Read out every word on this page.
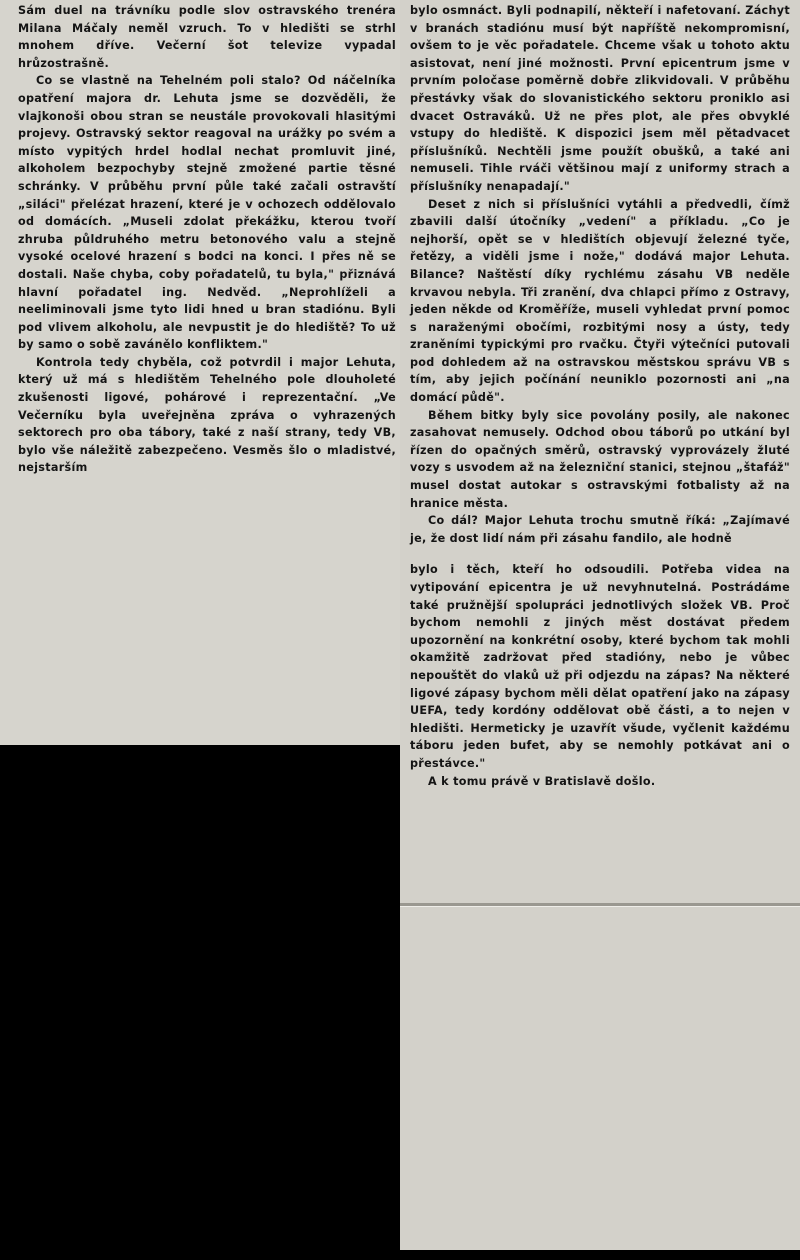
Sám duel na trávníku podle slov ostravského trenéra Milana Máčaly neměl vzruch. To v hledišti se strhl mnohem dříve. Večerní šot televize vypadal hrůzostrašně.

Co se vlastně na Tehelném poli stalo? Od náčelníka opatření majora dr. Lehuta jsme se dozvěděli, že vlajkonoši obou stran se neustále provokovali hlasitými projevy. Ostravský sektor reagoval na urážky po svém a místo vypitých hrdel hodlal nechat promluvit jiné, alkoholem bezpochyby stejně zmožené partie těsné schránky. V průběhu první půle také začali ostravští „siláci" přelézat hrazení, které je v ochozech oddělovalo od domácích. „Museli zdolat překážku, kterou tvoří zhruba půldruhého metru betonového valu a stejně vysoké ocelové hrazení s bodci na konci. I přes ně se dostali. Naše chyba, coby pořadatelů, tu byla," přiznává hlavní pořadatel ing. Nedvěd. „Neprohlíželi a neeliminovali jsme tyto lidi hned u bran stadiónu. Byli pod vlivem alkoholu, ale nevpustit je do hlediště? To už by samo o sobě zavánělo konfliktem."

Kontrola tedy chyběla, což potvrdil i major Lehuta, který už má s hledištěm Tehelného pole dlouholeté zkušenosti ligové, pohárové i reprezentační. „Ve Večerníku byla uveřejněna zpráva o vyhrazených sektorech pro oba tábory, také z naší strany, tedy VB, bylo vše náležitě zabezpečeno. Vesměs šlo o mladistvé, nejstarším

bylo osmnáct. Byli podnapilí, někteří i nafetovaní. Záchyt v branách stadiónu musí být napříště nekompromisní, ovšem to je věc pořadatele. Chceme však u tohoto aktu asistovat, není jiné možnosti. První epicentrum jsme v prvním poločase poměrně dobře zlikvidovali. V průběhu přestávky však do slovanistického sektoru proniklo asi dvacet Ostraváků. Už ne přes plot, ale přes obvyklé vstupy do hlediště. K dispozici jsem měl pětadvacet příslušníků. Nechtěli jsme použít obušků, a také ani nemuseli. Tihle rváči většinou mají z uniformy strach a příslušníky nenapadají."

Deset z nich si příslušníci vytáhli a předvedli, čímž zbavili další útočníky „vedení" a příkladu. „Co je nejhorší, opět se v hledištích objevují železné tyče, řetězy, a viděli jsme i nože," dodává major Lehuta. Bilance? Naštěstí díky rychlému zásahu VB neděle krvavou nebyla. Tři zranění, dva chlapci přímo z Ostravy, jeden někde od Kroměříže, museli vyhledat první pomoc s naraženými obočími, rozbitými nosy a ústy, tedy zraněními typickými pro rvačku. Čtyři výtečníci putovali pod dohledem až na ostravskou městskou správu VB s tím, aby jejich počínání neuniklo pozornosti ani „na domácí půdě".

Během bitky byly sice povolány posily, ale nakonec zasahovat nemusely. Odchod obou táborů po utkání byl řízen do opačných směrů, ostravský vyprovázely žluté vozy s usvodem až na železniční stanici, stejnou „štafáž" musel dostat autokar s ostravskými fotbalisty až na hranice města.

Co dál? Major Lehuta trochu smutně říká: „Zajímavé je, že dost lidí nám při zásahu fandilo, ale hodně

bylo i těch, kteří ho odsoudili. Potřeba videa na vytipování epicentra je už nevyhnutelná. Postrádáme také pružnější spolupráci jednotlivých složek VB. Proč bychom nemohli z jiných měst dostávat předem upozornění na konkrétní osoby, které bychom tak mohli okamžitě zadržovat před stadióny, nebo je vůbec nepouštět do vlaků už při odjezdu na zápas? Na některé ligové zápasy bychom měli dělat opatření jako na zápasy UEFA, tedy kordóny oddělovat obě části, a to nejen v hledišti. Hermeticky je uzavřít všude, vyčlenit každému táboru jeden bufet, aby se nemohly potkávat ani o přestávce."

A k tomu právě v Bratislavě došlo.
